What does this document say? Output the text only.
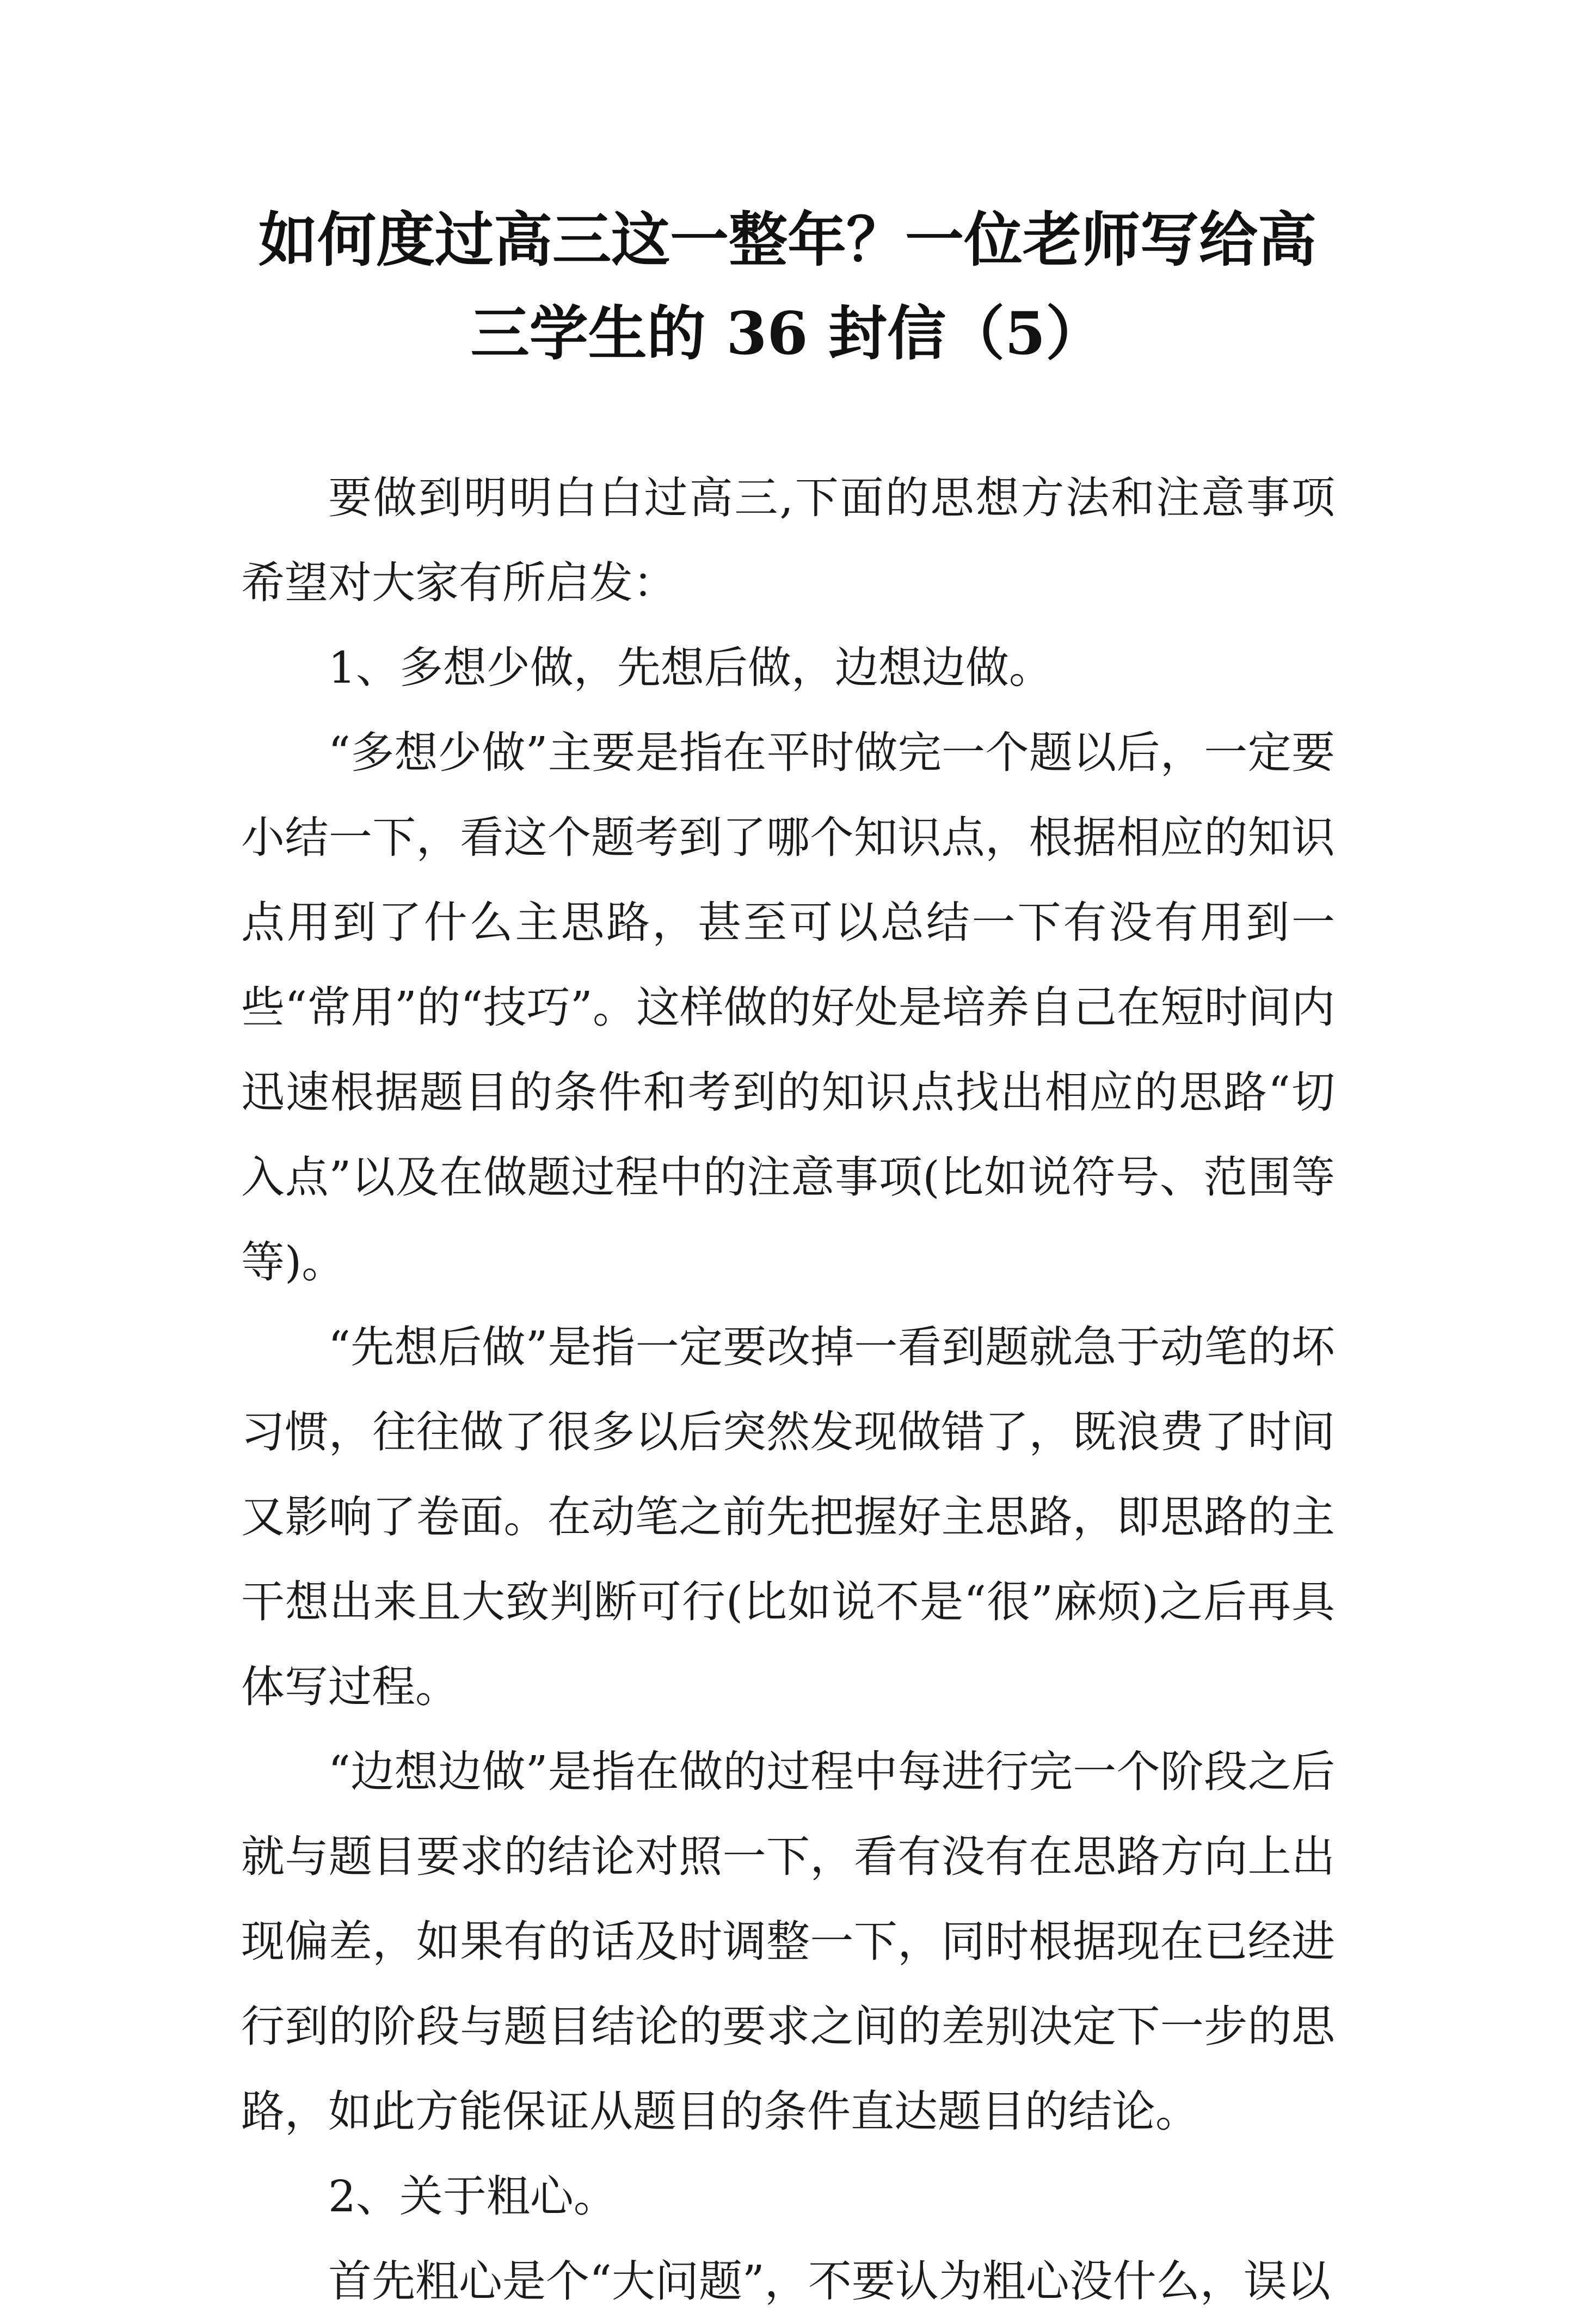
如何度过高三这一整年？一位老师写给高
三学生的 36 封信（5）

要做到明明白白过高三,下面的思想方法和注意事项希望对大家有所启发：

1、多想少做，先想后做，边想边做。

“多想少做”主要是指在平时做完一个题以后，一定要小结一下，看这个题考到了哪个知识点，根据相应的知识点用到了什么主思路，甚至可以总结一下有没有用到一些“常用”的“技巧”。这样做的好处是培养自己在短时间内迅速根据题目的条件和考到的知识点找出相应的思路“切入点”以及在做题过程中的注意事项(比如说符号、范围等等)。

“先想后做”是指一定要改掉一看到题就急于动笔的坏习惯，往往做了很多以后突然发现做错了，既浪费了时间又影响了卷面。在动笔之前先把握好主思路，即思路的主干想出来且大致判断可行(比如说不是“很”麻烦)之后再具体写过程。

“边想边做”是指在做的过程中每进行完一个阶段之后就与题目要求的结论对照一下，看有没有在思路方向上出现偏差，如果有的话及时调整一下，同时根据现在已经进行到的阶段与题目结论的要求之间的差别决定下一步的思路，如此方能保证从题目的条件直达题目的结论。

2、关于粗心。

首先粗心是个“大问题”，不要认为粗心没什么，误以
